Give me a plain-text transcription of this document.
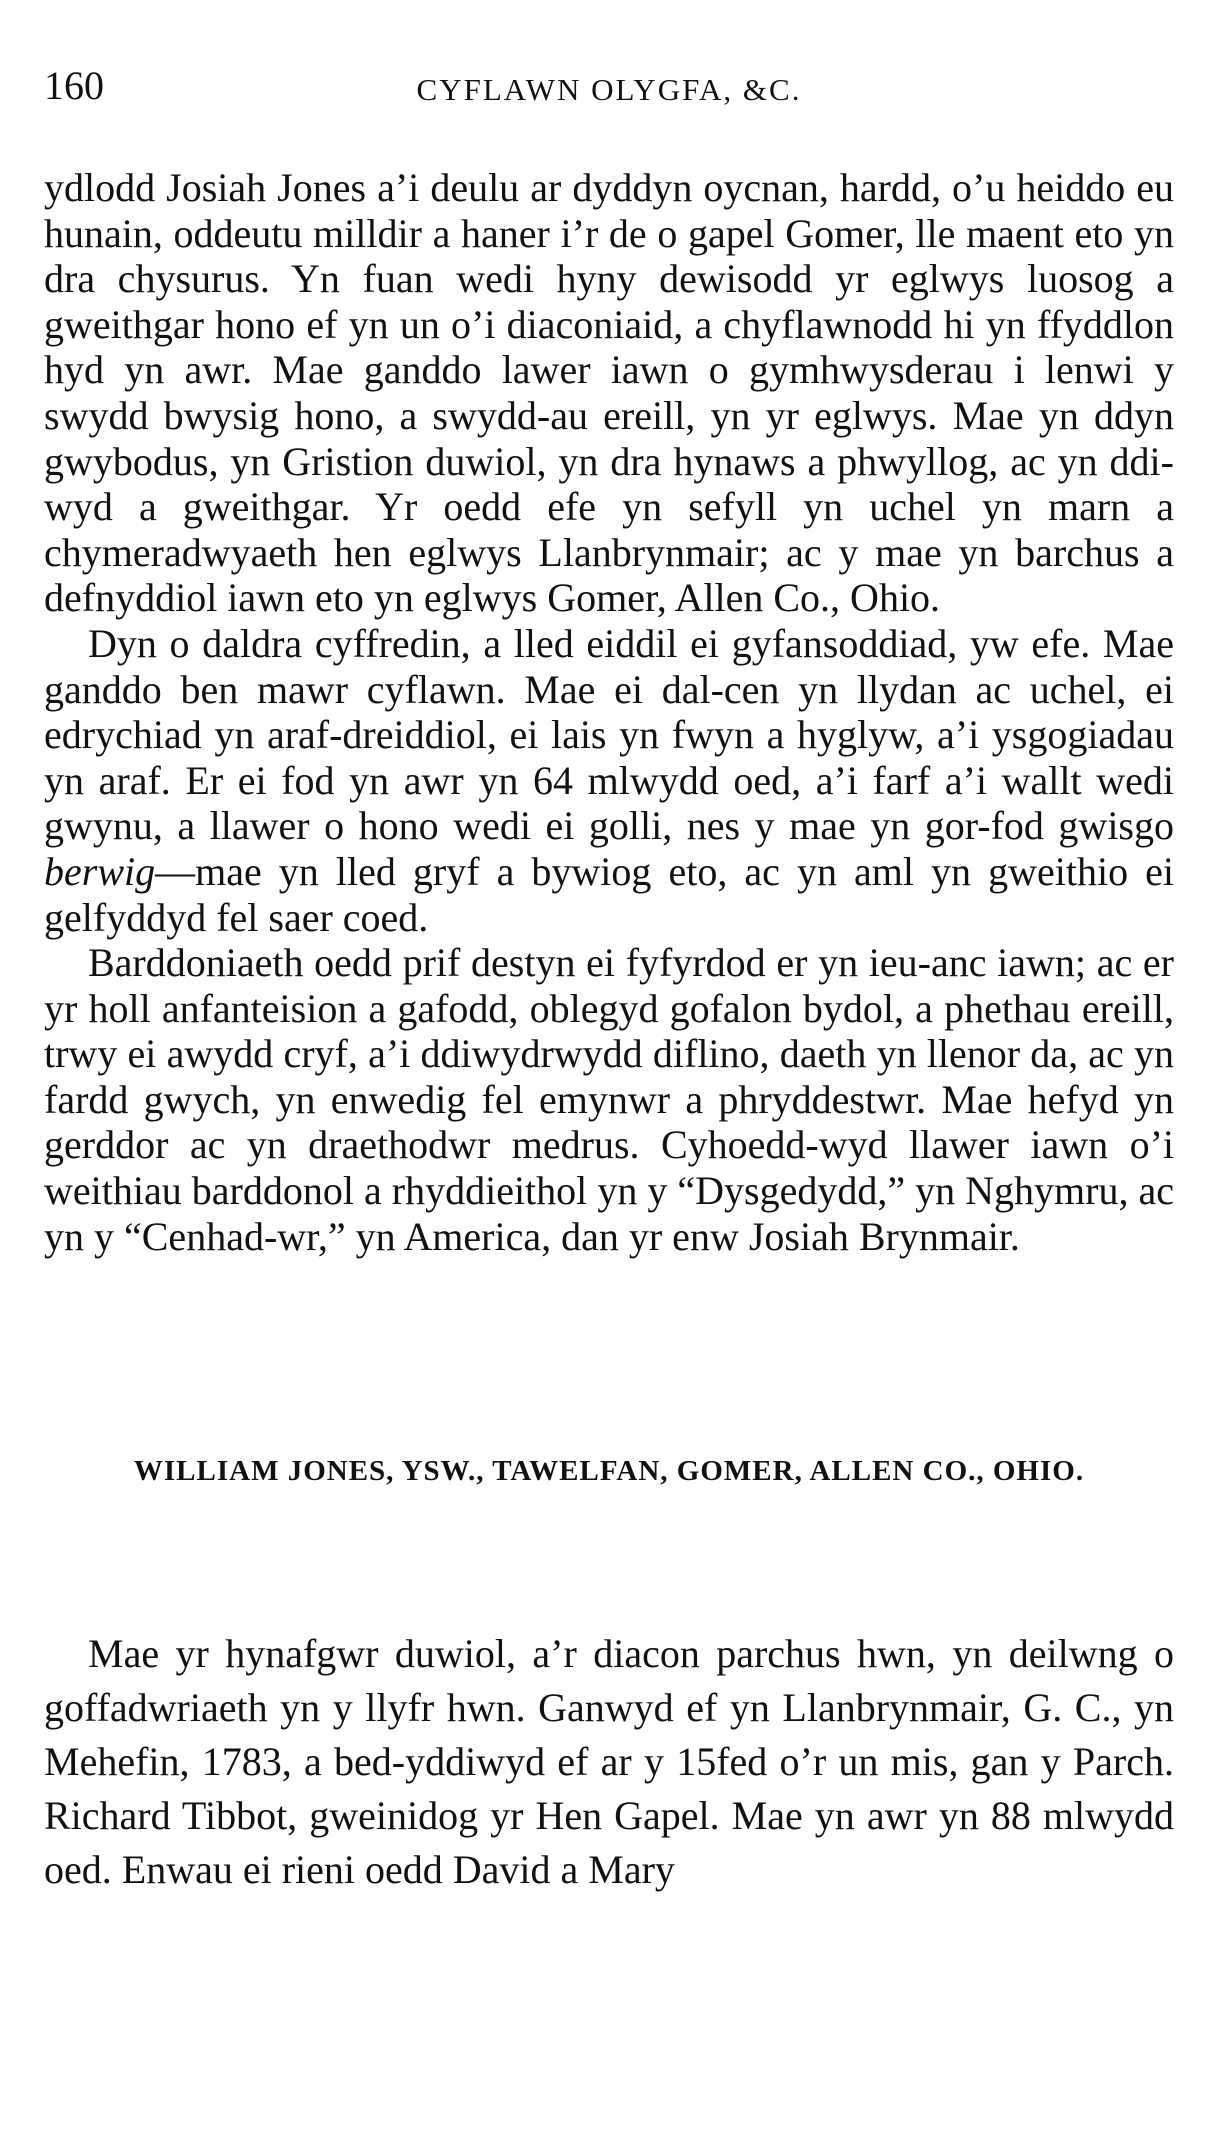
160	CYFLAWN OLYGFA, &C.

ydlodd Josiah Jones a’i deulu ar dyddyn oycnan, hardd, o’u heiddo eu hunain, oddeutu milldir a haner i’r de o gapel Gomer, lle maent eto yn dra chysurus. Yn fuan wedi hyny dewisodd yr eglwys luosog a gweithgar hono ef yn un o’i diaconiaid, a chyflawnodd hi yn ffyddlon hyd yn awr. Mae ganddo lawer iawn o gymhwysderau i lenwi y swydd bwysig hono, a swydd-au ereill, yn yr eglwys. Mae yn ddyn gwybodus, yn Gristion duwiol, yn dra hynaws a phwyllog, ac yn ddi-wyd a gweithgar. Yr oedd efe yn sefyll yn uchel yn marn a chymeradwyaeth hen eglwys Llanbrynmair; ac y mae yn barchus a defnyddiol iawn eto yn eglwys Gomer, Allen Co., Ohio.

Dyn o daldra cyffredin, a lled eiddil ei gyfansoddiad, yw efe. Mae ganddo ben mawr cyflawn. Mae ei dal-cen yn llydan ac uchel, ei edrychiad yn araf-dreiddiol, ei lais yn fwyn a hyglyw, a’i ysgogiadau yn araf. Er ei fod yn awr yn 64 mlwydd oed, a’i farf a’i wallt wedi gwynu, a llawer o hono wedi ei golli, nes y mae yn gor-fod gwisgo berwig—mae yn lled gryf a bywiog eto, ac yn aml yn gweithio ei gelfyddyd fel saer coed.

Barddoniaeth oedd prif destyn ei fyfyrdod er yn ieu-anc iawn; ac er yr holl anfanteision a gafodd, oblegyd gofalon bydol, a phethau ereill, trwy ei awydd cryf, a’i ddiwydrwydd diflino, daeth yn llenor da, ac yn fardd gwych, yn enwedig fel emynwr a phryddestwr. Mae hefyd yn gerddor ac yn draethodwr medrus. Cyhoedd-wyd llawer iawn o’i weithiau barddonol a rhyddieithol yn y “Dysgedydd,” yn Nghymru, ac yn y “Cenhad-wr,” yn America, dan yr enw Josiah Brynmair.

WILLIAM JONES, YSW., TAWELFAN, GOMER, ALLEN CO., OHIO.

Mae yr hynafgwr duwiol, a’r diacon parchus hwn, yn deilwng o goffadwriaeth yn y llyfr hwn. Ganwyd ef yn Llanbrynmair, G. C., yn Mehefin, 1783, a bed-yddiwyd ef ar y 15fed o’r un mis, gan y Parch. Richard Tibbot, gweinidog yr Hen Gapel. Mae yn awr yn 88 mlwydd oed. Enwau ei rieni oedd David a Mary
